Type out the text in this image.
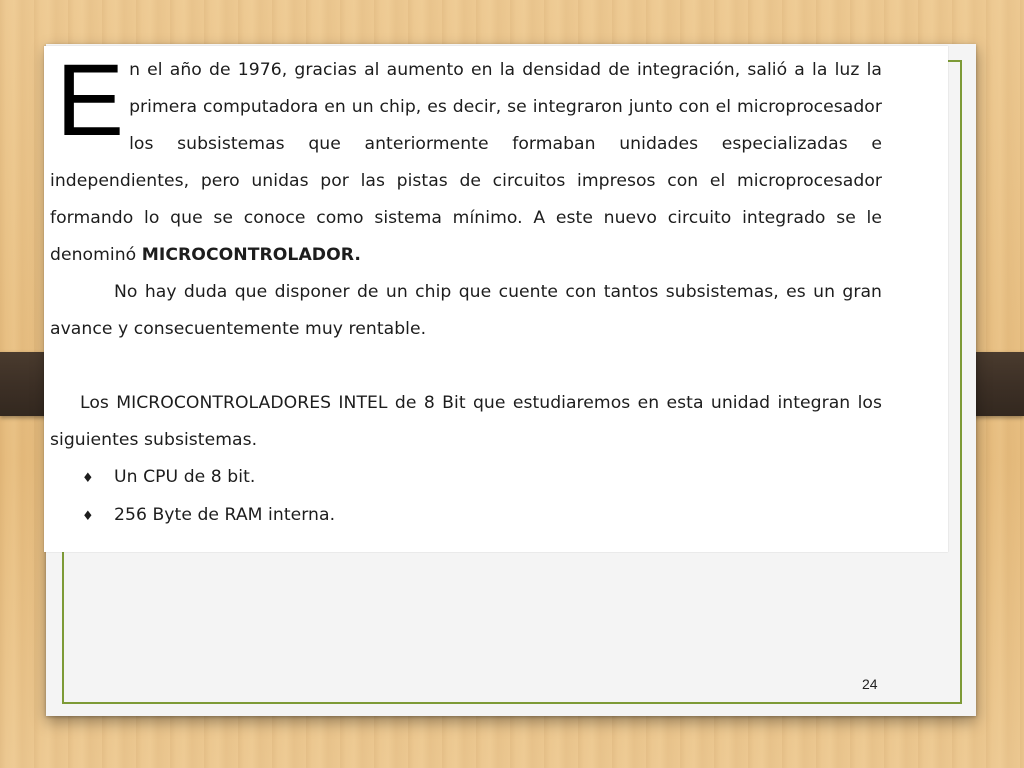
24

En el año de 1976, gracias al aumento en la densidad de integración, salió a la luz la primera computadora en un chip, es decir, se integraron junto con el microprocesador los subsistemas que anteriormente formaban unidades especializadas e independientes, pero unidas por las pistas de circuitos impresos con el microprocesador formando lo que se conoce como sistema mínimo. A este nuevo circuito integrado se le denominó MICROCONTROLADOR.

No hay duda que disponer de un chip que cuente con tantos subsistemas, es un gran avance y consecuentemente muy rentable.

Los MICROCONTROLADORES INTEL de 8 Bit que estudiaremos en esta unidad integran los siguientes subsistemas.

♦	Un CPU de 8 bit.
♦	256 Byte de RAM interna.
